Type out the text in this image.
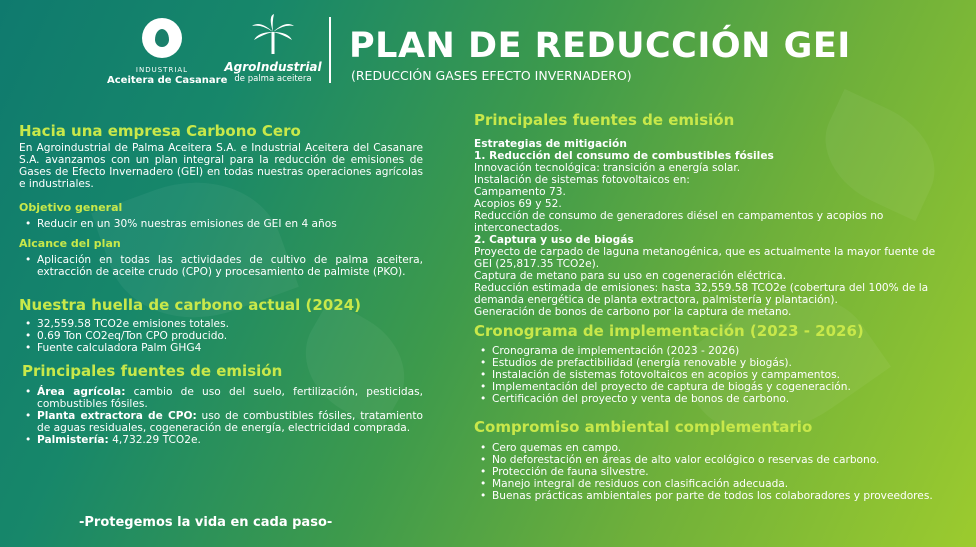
INDUSTRIAL
Aceitera de Casanare
AgroIndustrial
de palma aceitera
PLAN DE REDUCCIÓN GEI
(REDUCCIÓN GASES EFECTO INVERNADERO)
Hacia una empresa Carbono Cero

En Agroindustrial de Palma Aceitera S.A. e Industrial Aceitera del Casanare S.A. avanzamos con un plan integral para la reducción de emisiones de Gases de Efecto Invernadero (GEI) en todas nuestras operaciones agrícolas e industriales.

Objetivo general
• Reducir en un 30% nuestras emisiones de GEI en 4 años
Alcance del plan
• Aplicación en todas las actividades de cultivo de palma aceitera, extracción de aceite crudo (CPO) y procesamiento de palmiste (PKO).
Nuestra huella de carbono actual (2024)
• 32,559.58 TCO2e emisiones totales.
• 0.69 Ton CO2eq/Ton CPO producido.
• Fuente calculadora Palm GHG4
Principales fuentes de emisión
• Área agrícola: cambio de uso del suelo, fertilización, pesticidas, combustibles fósiles.
• Planta extractora de CPO: uso de combustibles fósiles, tratamiento de aguas residuales, cogeneración de energía, electricidad comprada.
• Palmistería: 4,732.29 TCO2e.
-Protegemos la vida en cada paso-
Principales fuentes de emisión

Estrategias de mitigación

1. Reducción del consumo de combustibles fósiles

Innovación tecnológica: transición a energía solar.

Instalación de sistemas fotovoltaicos en:

Campamento 73.

Acopios 69 y 52.

Reducción de consumo de generadores diésel en campamentos y acopios no interconectados.

2. Captura y uso de biogás

Proyecto de carpado de laguna metanogénica, que es actualmente la mayor fuente de GEI (25,817.35 TCO2e).

Captura de metano para su uso en cogeneración eléctrica.

Reducción estimada de emisiones: hasta 32,559.58 TCO2e (cobertura del 100% de la demanda energética de planta extractora, palmistería y plantación).

Generación de bonos de carbono por la captura de metano.

Cronograma de implementación (2023 - 2026)
• Cronograma de implementación (2023 - 2026)
• Estudios de prefactibilidad (energía renovable y biogás).
• Instalación de sistemas fotovoltaicos en acopios y campamentos.
• Implementación del proyecto de captura de biogás y cogeneración.
• Certificación del proyecto y venta de bonos de carbono.
Compromiso ambiental complementario
• Cero quemas en campo.
• No deforestación en áreas de alto valor ecológico o reservas de carbono.
• Protección de fauna silvestre.
• Manejo integral de residuos con clasificación adecuada.
• Buenas prácticas ambientales por parte de todos los colaboradores y proveedores.
